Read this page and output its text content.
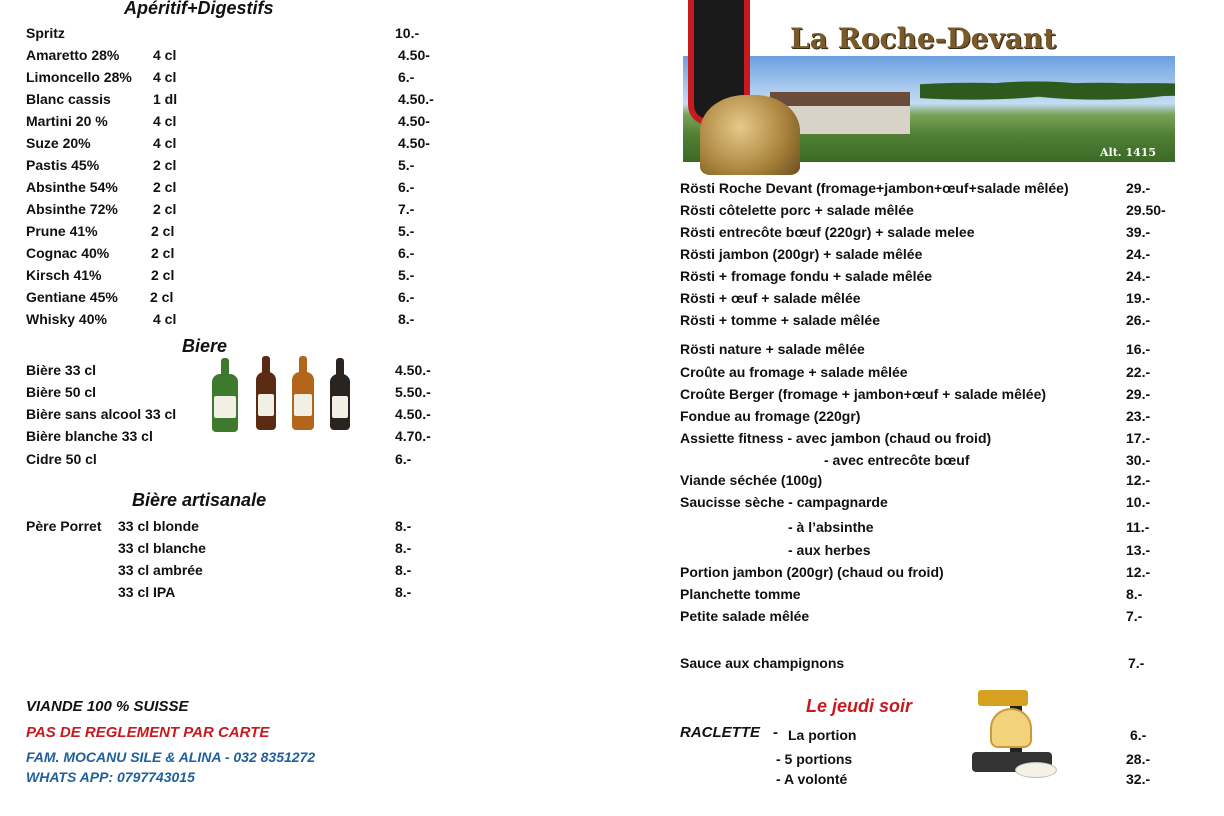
Apéritif+Digestifs
Spritz	10.-
Amaretto 28% 4 cl	4.50-
Limoncello 28% 4 cl	6.-
Blanc cassis	1 dl	4.50.-
Martini 20 %	4 cl	4.50-
Suze 20%	4 cl	4.50-
Pastis 45%	2 cl	5.-
Absinthe 54%	2 cl	6.-
Absinthe 72%	2 cl	7.-
Prune 41%	2 cl	5.-
Cognac 40%	2 cl	6.-
Kirsch 41%	2 cl	5.-
Gentiane 45% 2 cl	6.-
Whisky 40%	4 cl	8.-
Biere
Bière 33 cl	4.50.-
Bière 50 cl	5.50.-
Bière sans alcool 33 cl	4.50.-
Bière blanche 33 cl	4.70.-
Cidre 50 cl	6.-
Bière artisanale
Père Porret 33 cl blonde	8.-
33 cl blanche	8.-
33 cl ambrée	8.-
33 cl IPA	8.-
VIANDE 100 % SUISSE
PAS DE REGLEMENT PAR CARTE
FAM. MOCANU SILE & ALINA - 032 8351272
WHATS APP: 0797743015
La Roche-Devant
Alt. 1415
Rösti Roche Devant (fromage+jambon+œuf+salade mêlée)	29.-
Rösti côtelette porc + salade mêlée	29.50-
Rösti entrecôte bœuf (220gr) + salade melee	39.-
Rösti jambon (200gr) + salade mêlée	24.-
Rösti + fromage fondu + salade mêlée	24.-
Rösti + œuf + salade mêlée	19.-
Rösti + tomme + salade mêlée	26.-
Rösti nature + salade mêlée	16.-
Croûte au fromage + salade mêlée	22.-
Croûte Berger (fromage + jambon+œuf + salade mêlée)	29.-
Fondue au fromage (220gr)	23.-
Assiette fitness - avec jambon (chaud ou froid)	17.-
- avec entrecôte bœuf	30.-
Viande séchée (100g)	12.-
Saucisse sèche - campagnarde	10.-
- à l’absinthe	11.-
- aux herbes	13.-
Portion jambon (200gr) (chaud ou froid)	12.-
Planchette tomme	8.-
Petite salade mêlée	7.-
Sauce aux champignons	7.-
Le jeudi soir
RACLETTE - La portion	6.-
- 5 portions	28.-
- A volonté	32.-
